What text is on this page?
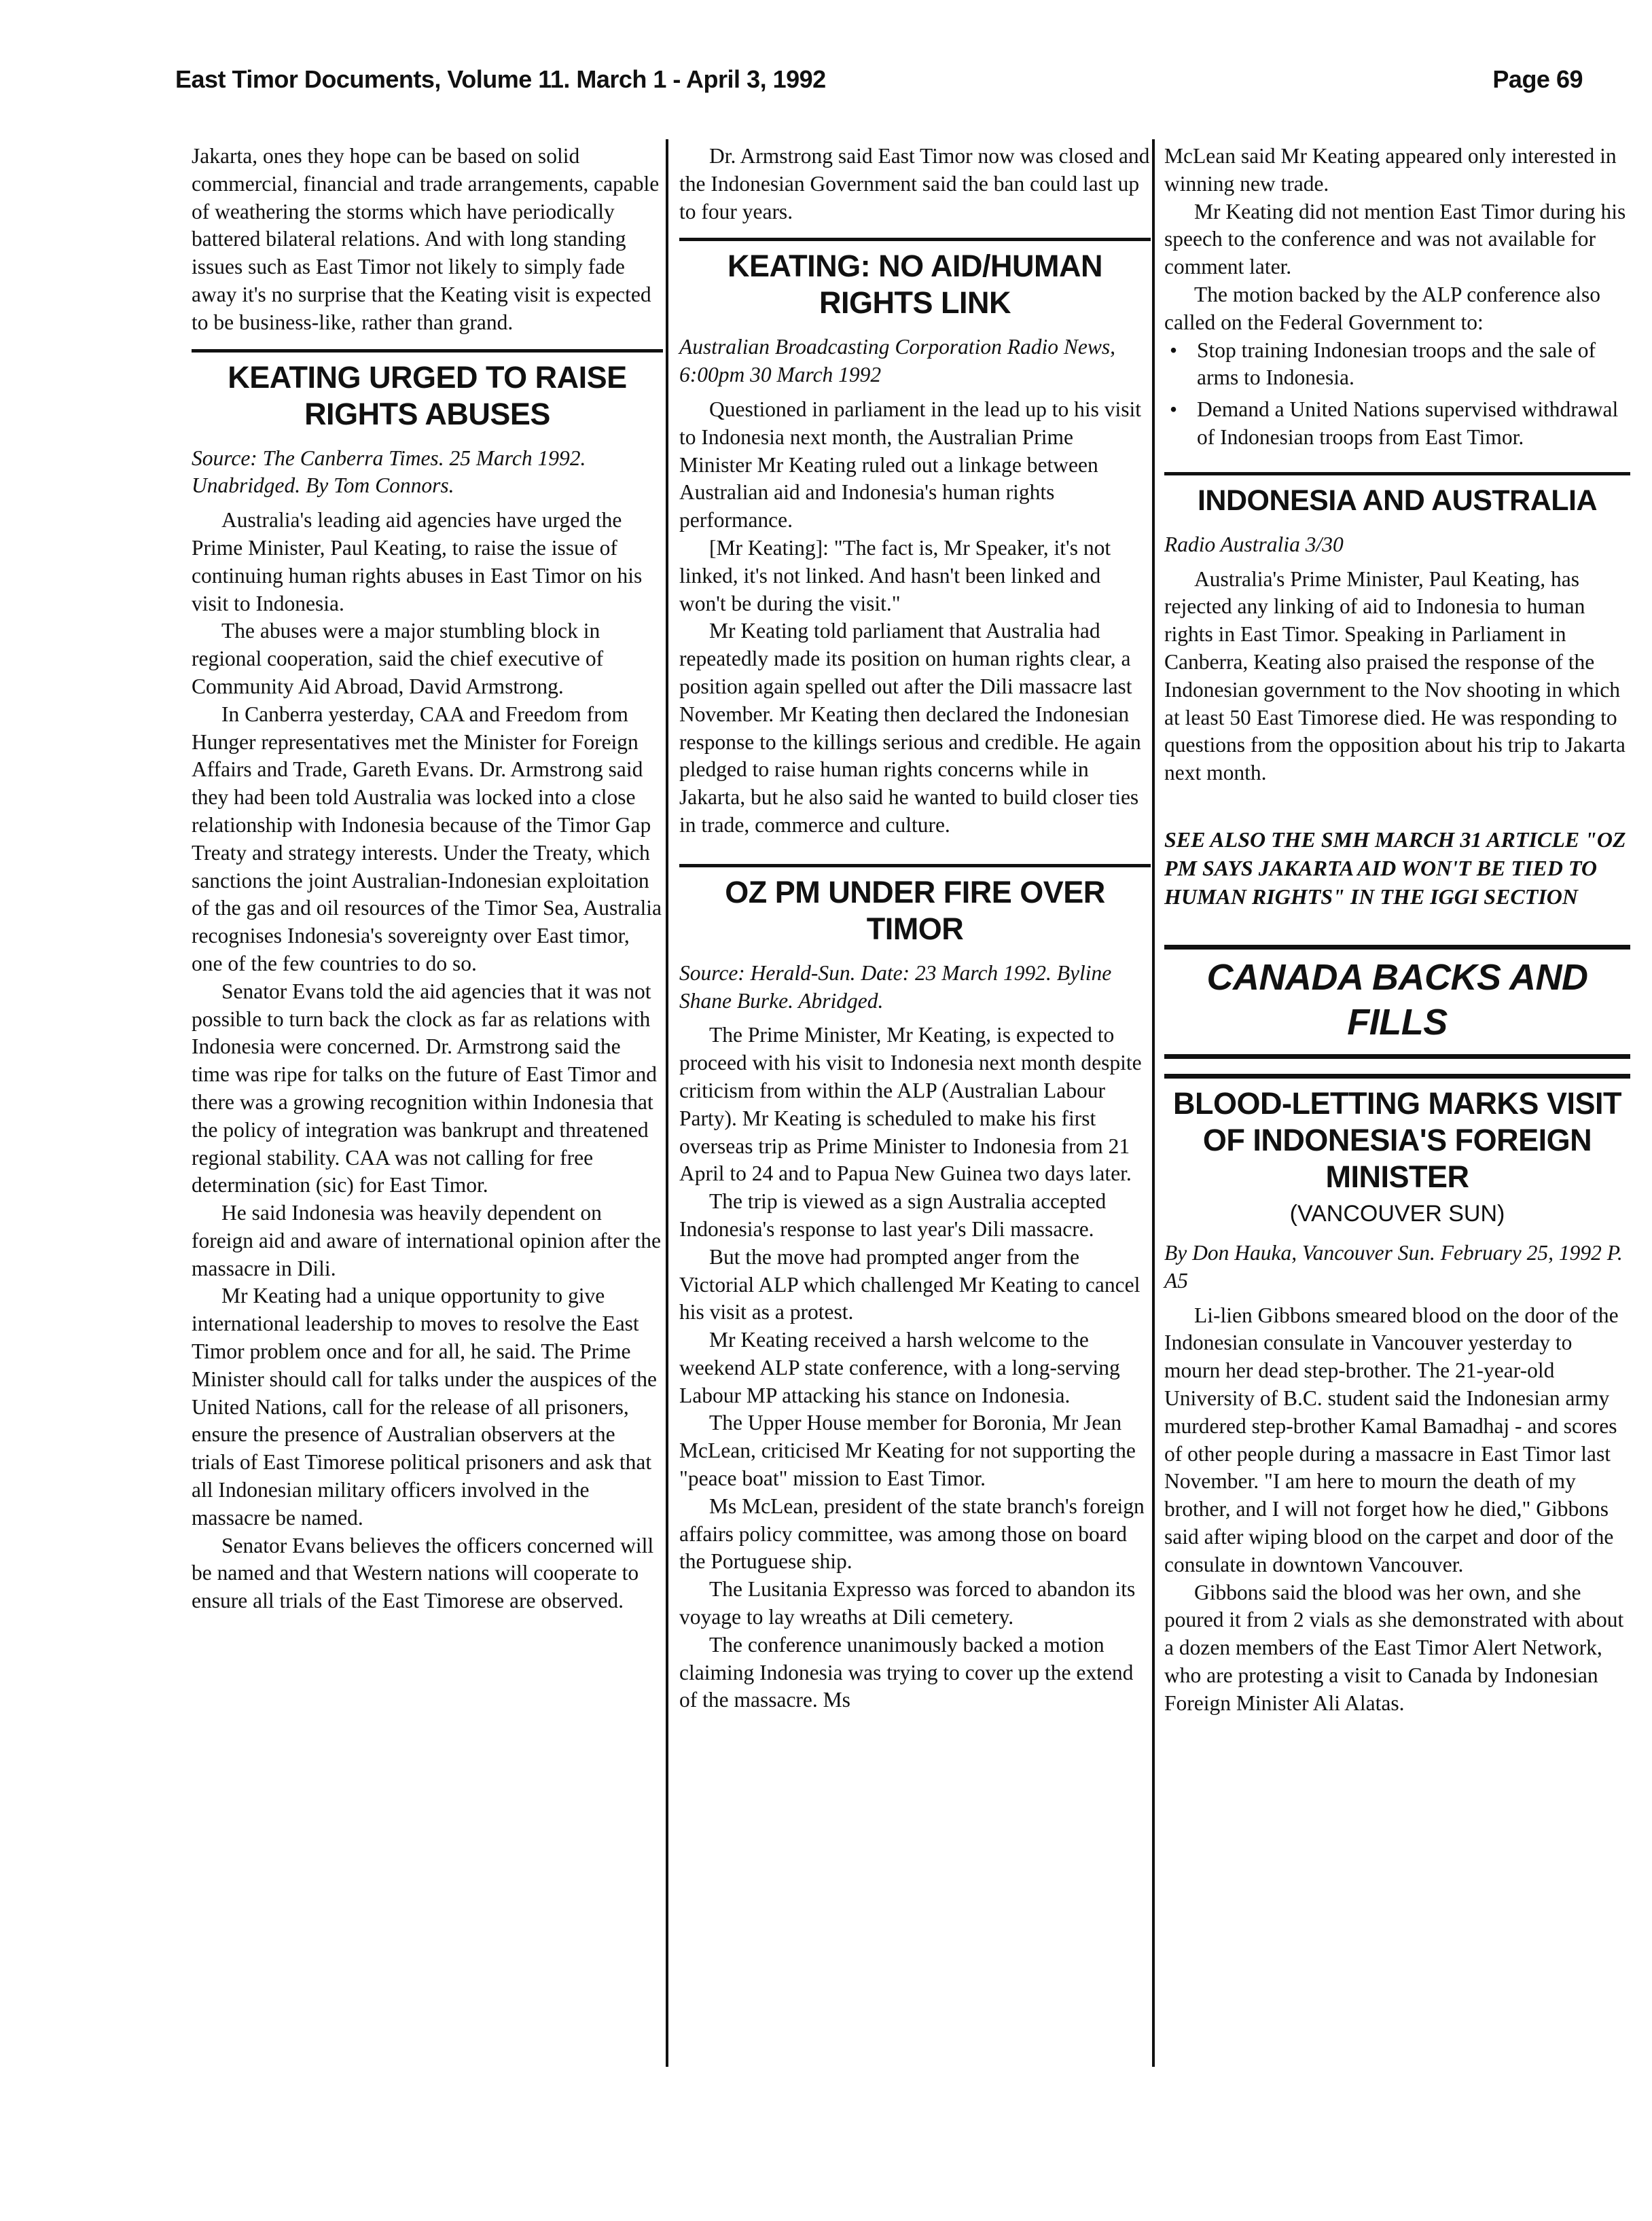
East Timor Documents, Volume 11. March 1 - April 3, 1992	Page 69

Jakarta, ones they hope can be based on solid commercial, financial and trade arrangements, capable of weathering the storms which have periodically battered bilateral relations. And with long standing issues such as East Timor not likely to simply fade away it's no surprise that the Keating visit is expected to be business-like, rather than grand.

KEATING URGED TO RAISE RIGHTS ABUSES
Source: The Canberra Times. 25 March 1992. Unabridged. By Tom Connors.

Australia's leading aid agencies have urged the Prime Minister, Paul Keating, to raise the issue of continuing human rights abuses in East Timor on his visit to Indonesia.

The abuses were a major stumbling block in regional cooperation, said the chief executive of Community Aid Abroad, David Armstrong.

In Canberra yesterday, CAA and Freedom from Hunger representatives met the Minister for Foreign Affairs and Trade, Gareth Evans. Dr. Armstrong said they had been told Australia was locked into a close relationship with Indonesia because of the Timor Gap Treaty and strategy interests. Under the Treaty, which sanctions the joint Australian-Indonesian exploitation of the gas and oil resources of the Timor Sea, Australia recognises Indonesia's sovereignty over East timor, one of the few countries to do so.

Senator Evans told the aid agencies that it was not possible to turn back the clock as far as relations with Indonesia were concerned. Dr. Armstrong said the time was ripe for talks on the future of East Timor and there was a growing recognition within Indonesia that the policy of integration was bankrupt and threatened regional stability. CAA was not calling for free determination (sic) for East Timor.

He said Indonesia was heavily dependent on foreign aid and aware of international opinion after the massacre in Dili.

Mr Keating had a unique opportunity to give international leadership to moves to resolve the East Timor problem once and for all, he said. The Prime Minister should call for talks under the auspices of the United Nations, call for the release of all prisoners, ensure the presence of Australian observers at the trials of East Timorese political prisoners and ask that all Indonesian military officers involved in the massacre be named.

Senator Evans believes the officers concerned will be named and that Western nations will cooperate to ensure all trials of the East Timorese are observed.

Dr. Armstrong said East Timor now was closed and the Indonesian Government said the ban could last up to four years.

KEATING: NO AID/HUMAN RIGHTS LINK
Australian Broadcasting Corporation Radio News, 6:00pm 30 March 1992

Questioned in parliament in the lead up to his visit to Indonesia next month, the Australian Prime Minister Mr Keating ruled out a linkage between Australian aid and Indonesia's human rights performance.

[Mr Keating]: "The fact is, Mr Speaker, it's not linked, it's not linked. And hasn't been linked and won't be during the visit."

Mr Keating told parliament that Australia had repeatedly made its position on human rights clear, a position again spelled out after the Dili massacre last November. Mr Keating then declared the Indonesian response to the killings serious and credible. He again pledged to raise human rights concerns while in Jakarta, but he also said he wanted to build closer ties in trade, commerce and culture.

OZ PM UNDER FIRE OVER TIMOR
Source: Herald-Sun. Date: 23 March 1992. Byline Shane Burke. Abridged.

The Prime Minister, Mr Keating, is expected to proceed with his visit to Indonesia next month despite criticism from within the ALP (Australian Labour Party). Mr Keating is scheduled to make his first overseas trip as Prime Minister to Indonesia from 21 April to 24 and to Papua New Guinea two days later.

The trip is viewed as a sign Australia accepted Indonesia's response to last year's Dili massacre.

But the move had prompted anger from the Victorial ALP which challenged Mr Keating to cancel his visit as a protest.

Mr Keating received a harsh welcome to the weekend ALP state conference, with a long-serving Labour MP attacking his stance on Indonesia.

The Upper House member for Boronia, Mr Jean McLean, criticised Mr Keating for not supporting the "peace boat" mission to East Timor.

Ms McLean, president of the state branch's foreign affairs policy committee, was among those on board the Portuguese ship.

The Lusitania Expresso was forced to abandon its voyage to lay wreaths at Dili cemetery.

The conference unanimously backed a motion claiming Indonesia was trying to cover up the extend of the massacre. Ms

McLean said Mr Keating appeared only interested in winning new trade.

Mr Keating did not mention East Timor during his speech to the conference and was not available for comment later.

The motion backed by the ALP conference also called on the Federal Government to:

• Stop training Indonesian troops and the sale of arms to Indonesia.
• Demand a United Nations supervised withdrawal of Indonesian troops from East Timor.
INDONESIA AND AUSTRALIA
Radio Australia 3/30

Australia's Prime Minister, Paul Keating, has rejected any linking of aid to Indonesia to human rights in East Timor. Speaking in Parliament in Canberra, Keating also praised the response of the Indonesian government to the Nov shooting in which at least 50 East Timorese died. He was responding to questions from the opposition about his trip to Jakarta next month.

SEE ALSO THE SMH MARCH 31 ARTICLE "OZ PM SAYS JAKARTA AID WON'T BE TIED TO HUMAN RIGHTS" IN THE IGGI SECTION

CANADA BACKS AND FILLS
BLOOD-LETTING MARKS VISIT OF INDONESIA'S FOREIGN MINISTER
(VANCOUVER SUN)
By Don Hauka, Vancouver Sun. February 25, 1992 P. A5

Li-lien Gibbons smeared blood on the door of the Indonesian consulate in Vancouver yesterday to mourn her dead step-brother. The 21-year-old University of B.C. student said the Indonesian army murdered step-brother Kamal Bamadhaj - and scores of other people during a massacre in East Timor last November. "I am here to mourn the death of my brother, and I will not forget how he died," Gibbons said after wiping blood on the carpet and door of the consulate in downtown Vancouver.

Gibbons said the blood was her own, and she poured it from 2 vials as she demonstrated with about a dozen members of the East Timor Alert Network, who are protesting a visit to Canada by Indonesian Foreign Minister Ali Alatas.
